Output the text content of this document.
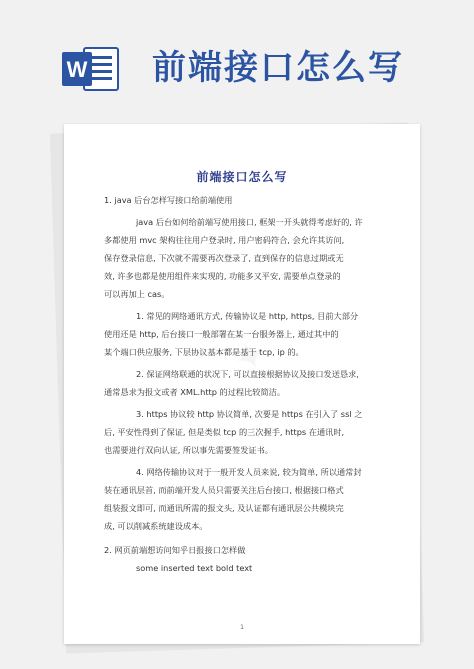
W 前端接口怎么写
✦
前端接口怎么写
1. java 后台怎样写接口给前端使用
java 后台如何给前端写使用接口, 框架一开头就得考虑好的, 许
多都使用 mvc 架构往往用户登录时, 用户密码符合, 会允许其访问,
保存登录信息, 下次就不需要再次登录了, 直到保存的信息过期或无
效, 许多也都是使用组件来实现的, 功能多又平安, 需要单点登录的
可以再加上 cas。
1. 常见的网络通讯方式, 传输协议是 http, https, 目前大部分
使用还是 http, 后台接口一般部署在某一台服务器上, 通过其中的
某个端口供应服务, 下层协议基本都是基于 tcp, ip 的。
2. 保证网络联通的状况下, 可以直接根据协议及接口发送恳求,
通常恳求为报文或者 XML.http 的过程比较简洁。
3. https 协议较 http 协议简单, 次要是 https 在引入了 ssl 之
后, 平安性得到了保证, 但是类似 tcp 的三次握手, https 在通讯时,
也需要进行双向认证, 所以事先需要签发证书。
4. 网络传输协议对于一般开发人员来说, 较为简单, 所以通常封
装在通讯层首, 而前端开发人员只需要关注后台接口, 根据接口格式
组装报文即可, 而通讯所需的报文头, 及认证都有通讯层公共模块完
成, 可以削减系统建设成本。
2. 网页前端想访问知乎日报接口怎样做
some inserted text bold text
1
